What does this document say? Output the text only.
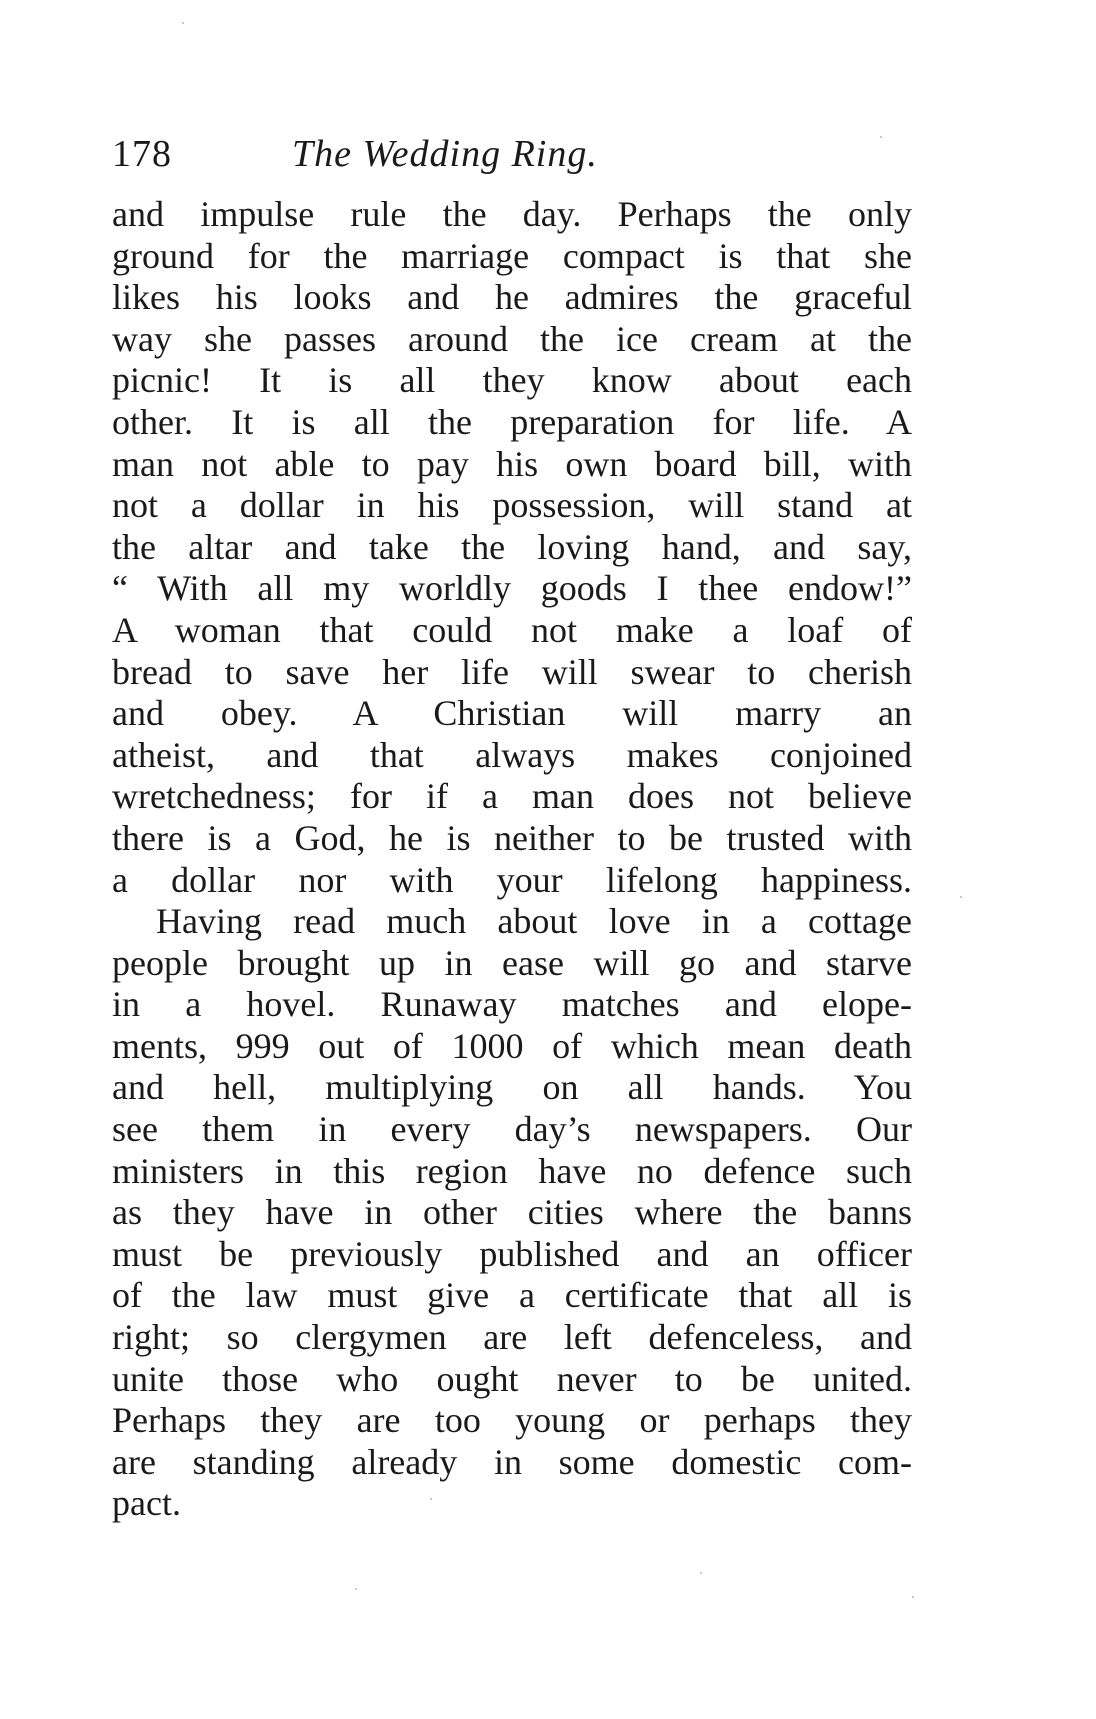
178	The Wedding Ring.
and impulse rule the day. Perhaps the only
ground for the marriage compact is that she
likes his looks and he admires the graceful
way she passes around the ice cream at the
picnic! It is all they know about each
other. It is all the preparation for life. A
man not able to pay his own board bill, with
not a dollar in his possession, will stand at
the altar and take the loving hand, and say,
“ With all my worldly goods I thee endow!”
A woman that could not make a loaf of
bread to save her life will swear to cherish
and obey. A Christian will marry an
atheist, and that always makes conjoined
wretchedness; for if a man does not believe
there is a God, he is neither to be trusted with
a dollar nor with your lifelong happiness.
Having read much about love in a cottage
people brought up in ease will go and starve
in a hovel. Runaway matches and elope-
ments, 999 out of 1000 of which mean death
and hell, multiplying on all hands. You
see them in every day’s newspapers. Our
ministers in this region have no defence such
as they have in other cities where the banns
must be previously published and an officer
of the law must give a certificate that all is
right; so clergymen are left defenceless, and
unite those who ought never to be united.
Perhaps they are too young or perhaps they
are standing already in some domestic com-
pact.
